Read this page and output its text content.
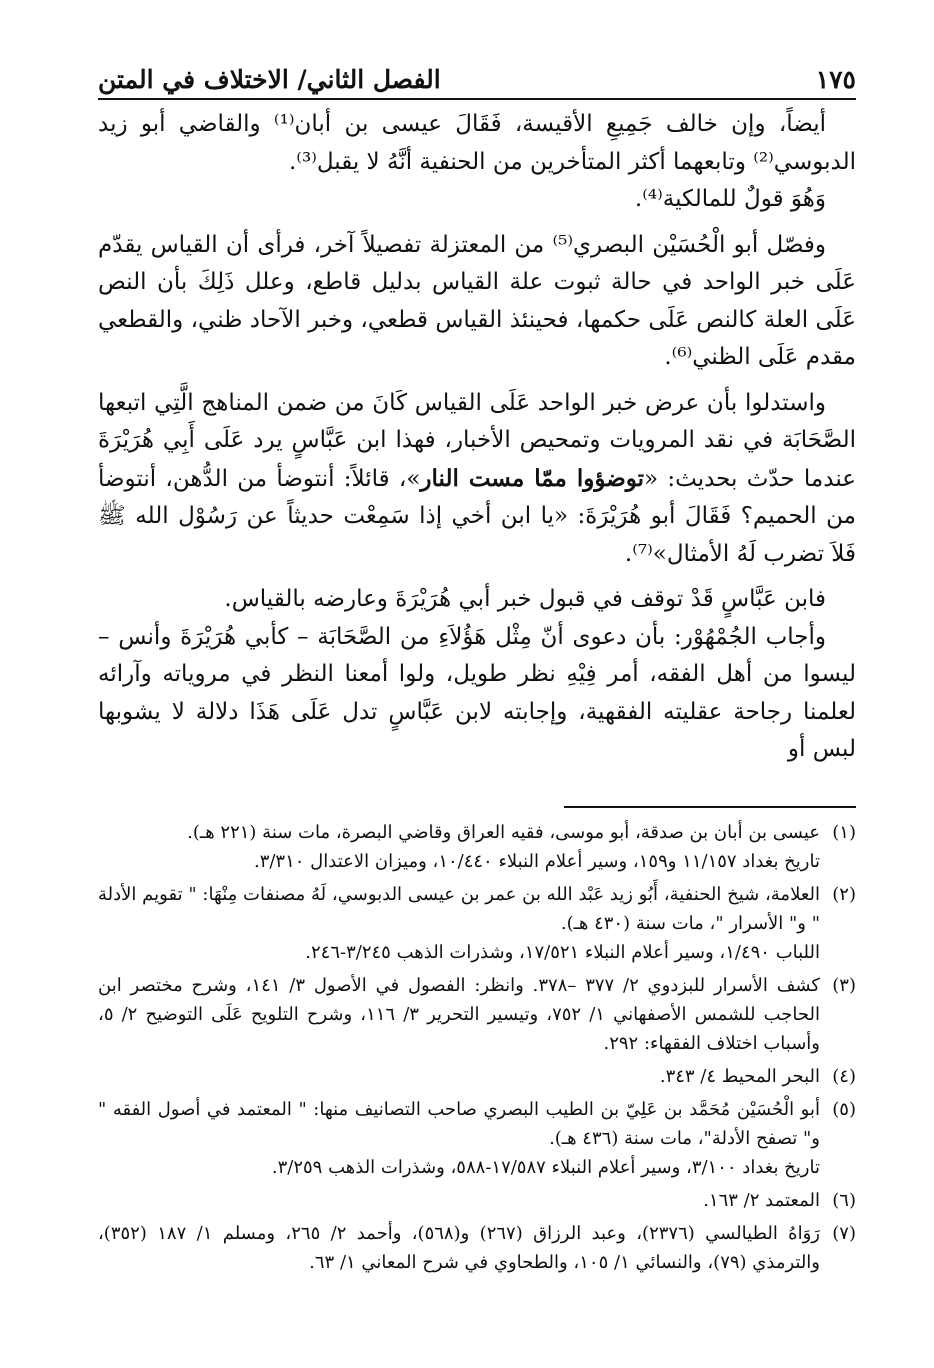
الفصل الثاني/ الاختلاف في المتن	١٧٥

أيضاً، وإن خالف جَمِيعِ الأقيسة، فَقَالَ عيسى بن أبان⁽¹⁾ والقاضي أبو زيد الدبوسي⁽²⁾ وتابعهما أكثر المتأخرين من الحنفية أنَّهُ لا يقبل⁽³⁾.

وَهُوَ قولٌ للمالكية⁽⁴⁾.

وفصّل أبو الْحُسَيْن البصري⁽⁵⁾ من المعتزلة تفصيلاً آخر، فرأى أن القياس يقدّم عَلَى خبر الواحد في حالة ثبوت علة القياس بدليل قاطع، وعلل ذَلِكَ بأن النص عَلَى العلة كالنص عَلَى حكمها، فحينئذ القياس قطعي، وخبر الآحاد ظني، والقطعي مقدم عَلَى الظني⁽⁶⁾.

واستدلوا بأن عرض خبر الواحد عَلَى القياس كَانَ من ضمن المناهج الَّتِي اتبعها الصَّحَابَة في نقد المرويات وتمحيص الأخبار، فهذا ابن عَبَّاسٍ يرد عَلَى أَبِي هُرَيْرَةَ عندما حدّث بحديث: «توضؤوا ممّا مست النار»، قائلاً: أنتوضأ من الدُّهن، أنتوضأ من الحميم؟ فَقَالَ أبو هُرَيْرَةَ: «يا ابن أخي إذا سَمِعْت حديثاً عن رَسُوْل الله ﷺ فَلاَ تضرب لَهُ الأمثال»⁽⁷⁾.

فابن عَبَّاسٍ قَدْ توقف في قبول خبر أبي هُرَيْرَةَ وعارضه بالقياس.

وأجاب الجُمْهُوْر: بأن دعوى أنّ مِثْل هَؤُلاَءِ من الصَّحَابَة – كأبي هُرَيْرَةَ وأنس – ليسوا من أهل الفقه، أمر فِيْهِ نظر طويل، ولوا أمعنا النظر في مروياته وآرائه لعلمنا رجاحة عقليته الفقهية، وإجابته لابن عَبَّاسٍ تدل عَلَى هَذَا دلالة لا يشوبها لبس أو

(١)

عيسى بن أبان بن صدقة، أبو موسى، فقيه العراق وقاضي البصرة، مات سنة (٢٢١ هـ).

تاريخ بغداد ١١/١٥٧ و١٥٩، وسير أعلام النبلاء ١٠/٤٤٠، وميزان الاعتدال ٣/٣١٠.

(٢)

العلامة، شيخ الحنفية، أَبُو زيد عَبْد الله بن عمر بن عيسى الدبوسي، لَهُ مصنفات مِنْهَا: " تقويم الأدلة " و" الأسرار "، مات سنة (٤٣٠ هـ).

اللباب ١/٤٩٠، وسير أعلام النبلاء ١٧/٥٢١، وشذرات الذهب ٣/٢٤٥-٢٤٦.

(٣)

كشف الأسرار للبزدوي ٢/ ٣٧٧ –٣٧٨. وانظر: الفصول في الأصول ٣/ ١٤١، وشرح مختصر ابن الحاجب للشمس الأصفهاني ١/ ٧٥٢، وتيسير التحرير ٣/ ١١٦، وشرح التلويح عَلَى التوضيح ٢/ ٥، وأسباب اختلاف الفقهاء: ٢٩٢.

(٤)

البحر المحيط ٤/ ٣٤٣.

(٥)

أبو الْحُسَيْن مُحَمَّد بن عَلِيّ بن الطيب البصري صاحب التصانيف منها: " المعتمد في أصول الفقه " و" تصفح الأدلة"، مات سنة (٤٣٦ هـ).

تاريخ بغداد ٣/١٠٠، وسير أعلام النبلاء ١٧/٥٨٧-٥٨٨، وشذرات الذهب ٣/٢٥٩.

(٦)

المعتمد ٢/ ١٦٣.

(٧)

رَوَاهُ الطيالسي (٢٣٧٦)، وعبد الرزاق (٢٦٧) و(٥٦٨)، وأحمد ٢/ ٢٦٥، ومسلم ١/ ١٨٧ (٣٥٢)، والترمذي (٧٩)، والنسائي ١/ ١٠٥، والطحاوي في شرح المعاني ١/ ٦٣.
